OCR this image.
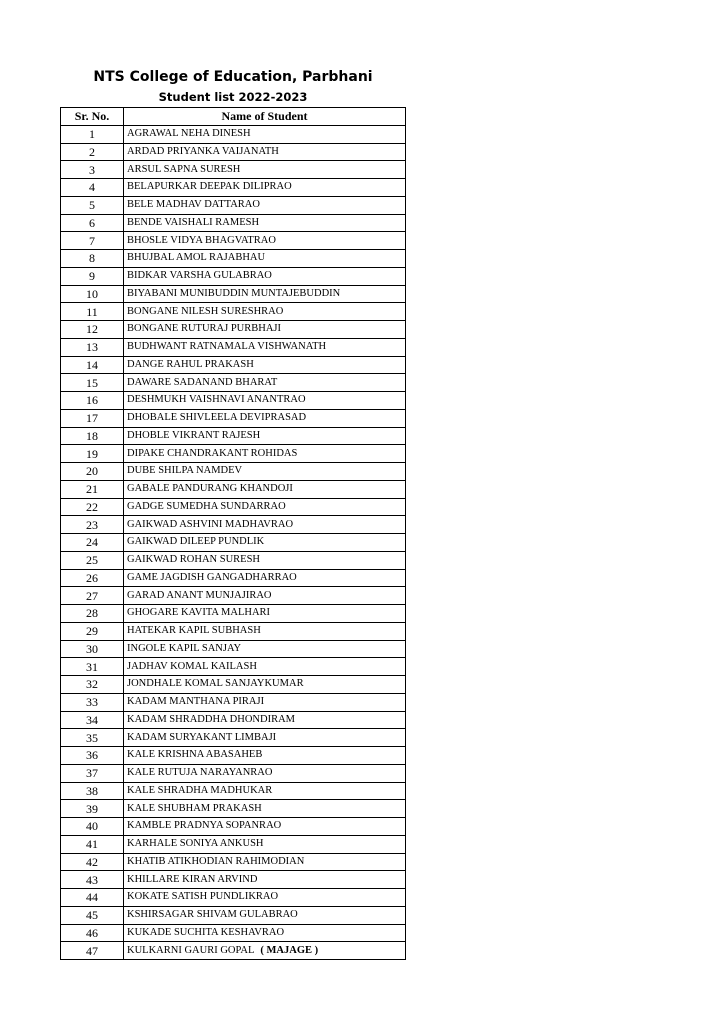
NTS College of Education, Parbhani
Student list 2022-2023
Sr. No.	Name of Student
1	AGRAWAL NEHA DINESH
2	ARDAD PRIYANKA VAIJANATH
3	ARSUL SAPNA SURESH
4	BELAPURKAR DEEPAK DILIPRAO
5	BELE MADHAV DATTARAO
6	BENDE VAISHALI RAMESH
7	BHOSLE VIDYA BHAGVATRAO
8	BHUJBAL AMOL RAJABHAU
9	BIDKAR VARSHA GULABRAO
10	BIYABANI MUNIBUDDIN MUNTAJEBUDDIN
11	BONGANE NILESH SURESHRAO
12	BONGANE RUTURAJ PURBHAJI
13	BUDHWANT RATNAMALA VISHWANATH
14	DANGE RAHUL PRAKASH
15	DAWARE SADANAND BHARAT
16	DESHMUKH VAISHNAVI ANANTRAO
17	DHOBALE SHIVLEELA DEVIPRASAD
18	DHOBLE VIKRANT RAJESH
19	DIPAKE CHANDRAKANT ROHIDAS
20	DUBE SHILPA NAMDEV
21	GABALE PANDURANG KHANDOJI
22	GADGE SUMEDHA SUNDARRAO
23	GAIKWAD ASHVINI MADHAVRAO
24	GAIKWAD DILEEP PUNDLIK
25	GAIKWAD ROHAN SURESH
26	GAME JAGDISH GANGADHARRAO
27	GARAD ANANT MUNJAJIRAO
28	GHOGARE KAVITA MALHARI
29	HATEKAR KAPIL SUBHASH
30	INGOLE KAPIL SANJAY
31	JADHAV KOMAL KAILASH
32	JONDHALE KOMAL SANJAYKUMAR
33	KADAM MANTHANA PIRAJI
34	KADAM SHRADDHA DHONDIRAM
35	KADAM SURYAKANT LIMBAJI
36	KALE KRISHNA ABASAHEB
37	KALE RUTUJA NARAYANRAO
38	KALE SHRADHA MADHUKAR
39	KALE SHUBHAM PRAKASH
40	KAMBLE PRADNYA SOPANRAO
41	KARHALE SONIYA ANKUSH
42	KHATIB ATIKHODIAN RAHIMODIAN
43	KHILLARE KIRAN ARVIND
44	KOKATE SATISH PUNDLIKRAO
45	KSHIRSAGAR SHIVAM GULABRAO
46	KUKADE SUCHITA KESHAVRAO
47	KULKARNI GAURI GOPAL ( MAJAGE )
